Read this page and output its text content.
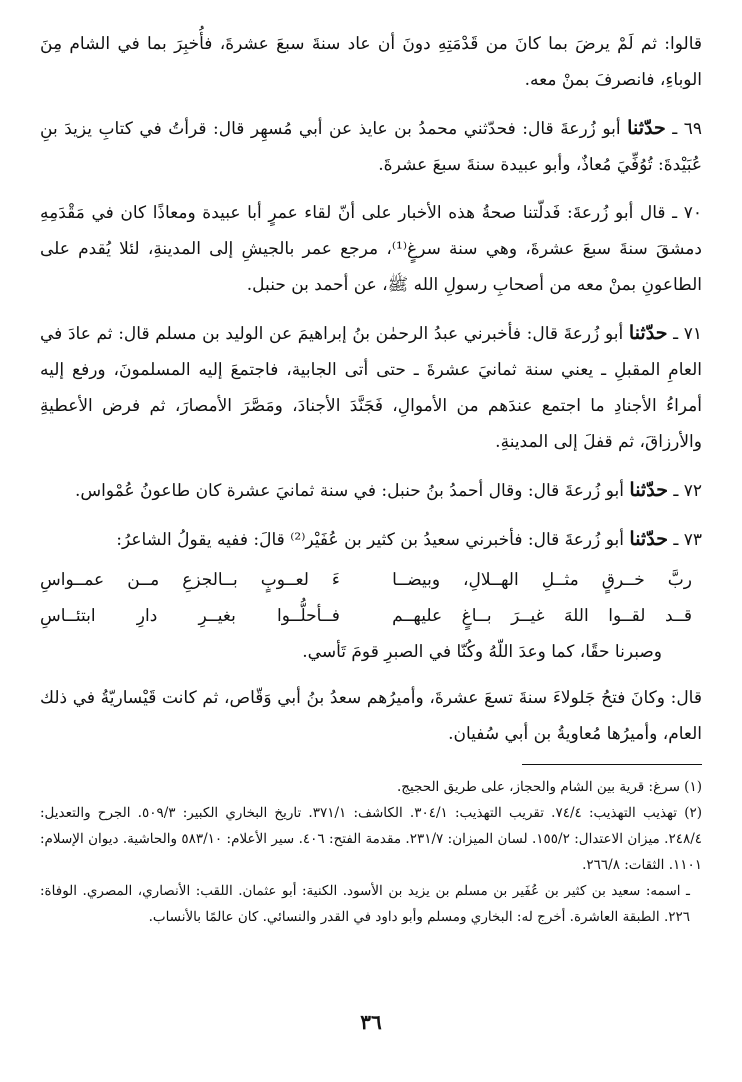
قالوا: ثم لَمْ يرضَ بما كانَ من قَدْمَتِهِ دونَ أن عاد سنةَ سبعَ عشرةَ، فأُخبِرَ بما في الشام مِنَ الوباءِ، فانصرفَ بمنْ معه.

٦٩ ـ حدّثنا أبو زُرعةَ قال: فحدّثني محمدُ بن عايذ عن أبي مُسهِر قال: قرأتُ في كتابِ يزيدَ بنِ عُبَيْدةَ: تُوُفِّيَ مُعاذٌ، وأبو عبيدة سنةَ سبعَ عشرةَ.

٧٠ ـ قال أبو زُرعةَ: فَدلّتنا صحةُ هذه الأخبار على أنّ لقاء عمرٍ أبا عبيدة ومعاذًا كان في مَقْدَمِهِ دمشقَ سنةَ سبعَ عشرةَ، وهي سنة سرغٍ⁽¹⁾، مرجع عمر بالجيشِ إلى المدينةِ، لئلا يُقدم على الطاعونِ بمنْ معه من أصحابِ رسولِ الله ﷺ، عن أحمد بن حنبل.

٧١ ـ حدّثنا أبو زُرعةَ قال: فأخبرني عبدُ الرحمٰن بنُ إبراهيمَ عن الوليد بن مسلم قال: ثم عادَ في العامِ المقبلِ ـ يعني سنة ثمانيَ عشرةَ ـ حتى أتى الجابية، فاجتمعَ إليه المسلمونَ، ورفع إليه أمراءُ الأجنادِ ما اجتمع عندَهم من الأموالِ، فَجَنَّدَ الأجنادَ، ومَصَّرَ الأمصارَ، ثم فرض الأعطيةِ والأرزاقَ، ثم قفلَ إلى المدينةِ.

٧٢ ـ حدّثنا أبو زُرعةَ قال: وقال أحمدُ بنُ حنبل: في سنة ثمانيَ عشرة كان طاعونُ عُمْواس.

٧٣ ـ حدّثنا أبو زُرعةَ قال: فأخبرني سعيدُ بن كثير بن عُفَيْر⁽²⁾ قالَ: ففيه يقولُ الشاعرُ:

ربَّ خــرقٍ مثــلِ الهــلالِ، وبيضــا
ءَ لعــوبٍ بــالجزعِ مــن عمــواسِ
قــد لقــوا اللهَ غيــرَ بــاغٍ عليهــم
فــأحلُّــوا بغيــرِ دارِ ابتئــاسِ
وصبرنا حقًا، كما وعدَ اللّهُ وكُنّا في الصبرِ قومَ تَأسي.

قال: وكانَ فتحُ جَلولاءَ سنةَ تسعَ عشرةَ، وأميرُهم سعدُ بنُ أبي وَقّاص، ثم كانت قَيْساريّةُ في ذلك العام، وأميرُها مُعاويةُ بن أبي سُفيان.

(١) سرغ: قرية بين الشام والحجاز، على طريق الحجيج.

(٢) تهذيب التهذيب: ٧٤/٤. تقريب التهذيب: ٣٠٤/١. الكاشف: ٣٧١/١. تاريخ البخاري الكبير: ٥٠٩/٣. الجرح والتعديل: ٢٤٨/٤. ميزان الاعتدال: ١٥٥/٢. لسان الميزان: ٢٣١/٧. مقدمة الفتح: ٤٠٦. سير الأعلام: ٥٨٣/١٠ والحاشية. ديوان الإسلام: ١١٠١. الثقات: ٢٦٦/٨.

ـ اسمه: سعيد بن كثير بن عُفَير بن مسلم بن يزيد بن الأسود. الكنية: أبو عثمان. اللقب: الأنصاري، المصري. الوفاة: ٢٢٦. الطبقة العاشرة. أخرج له: البخاري ومسلم وأبو داود في القدر والنسائي. كان عالمًا بالأنساب.

٣٦
